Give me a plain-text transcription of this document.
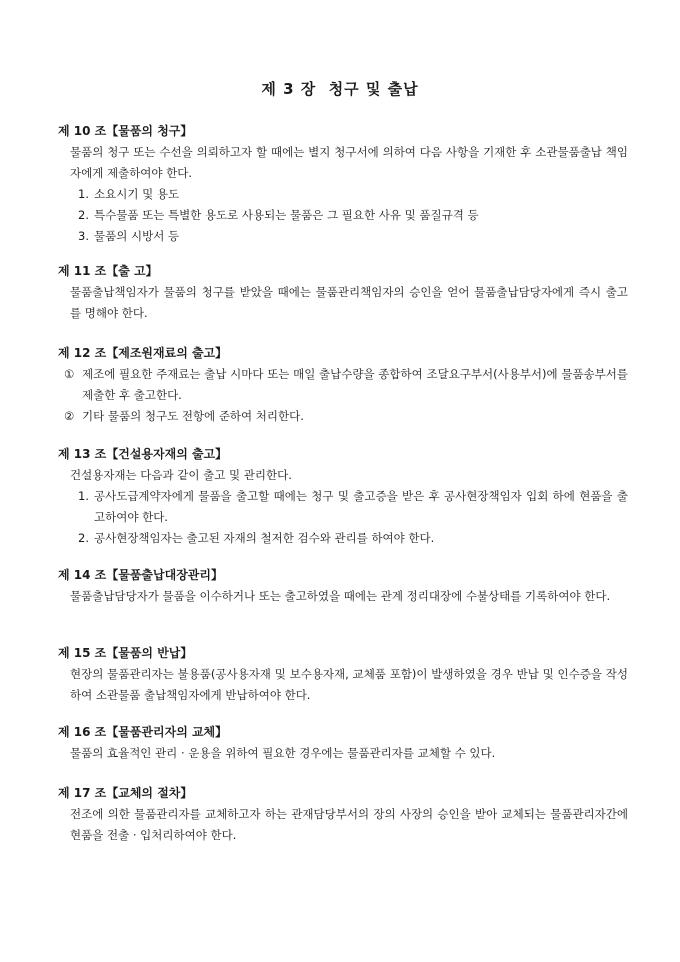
제 3 장  청구 및 출납
제 10 조【물품의 청구】
물품의 청구 또는 수선을 의뢰하고자 할 때에는 별지 청구서에 의하여 다음 사항을 기재한 후 소관물품출납 책임자에게 제출하여야 한다.
1. 소요시기 및 용도
2. 특수물품 또는 특별한 용도로 사용되는 물품은 그 필요한 사유 및 품질규격 등
3. 물품의 시방서 등
제 11 조【출 고】
물품출납책임자가 물품의 청구를 받았을 때에는 물품관리책임자의 승인을 얻어 물품출납담당자에게 즉시 출고를 명해야 한다.
제 12 조【제조원재료의 출고】
① 제조에 필요한 주재료는 출납 시마다 또는 매일 출납수량을 종합하여 조달요구부서(사용부서)에 물품송부서를 제출한 후 출고한다.
② 기타 물품의 청구도 전항에 준하여 처리한다.
제 13 조【건설용자재의 출고】
건설용자재는 다음과 같이 출고 및 관리한다.
1. 공사도급계약자에게 물품을 출고할 때에는 청구 및 출고증을 받은 후 공사현장책임자 입회 하에 현품을 출고하여야 한다.
2. 공사현장책임자는 출고된 자재의 철저한 검수와 관리를 하여야 한다.
제 14 조【물품출납대장관리】
물품출납담당자가 물품을 이수하거나 또는 출고하였을 때에는 관계 정리대장에 수불상태를 기록하여야 한다.
제 15 조【물품의 반납】
현장의 물품관리자는 불용품(공사용자재 및 보수용자재, 교체품 포함)이 발생하였을 경우 반납 및 인수증을 작성하여 소관물품 출납책임자에게 반납하여야 한다.
제 16 조【물품관리자의 교체】
물품의 효율적인 관리 · 운용을 위하여 필요한 경우에는 물품관리자를 교체할 수 있다.
제 17 조【교체의 절차】
전조에 의한 물품관리자를 교체하고자 하는 관재담당부서의 장의 사장의 승인을 받아 교체되는 물품관리자간에 현품을 전출 · 입처리하여야 한다.
